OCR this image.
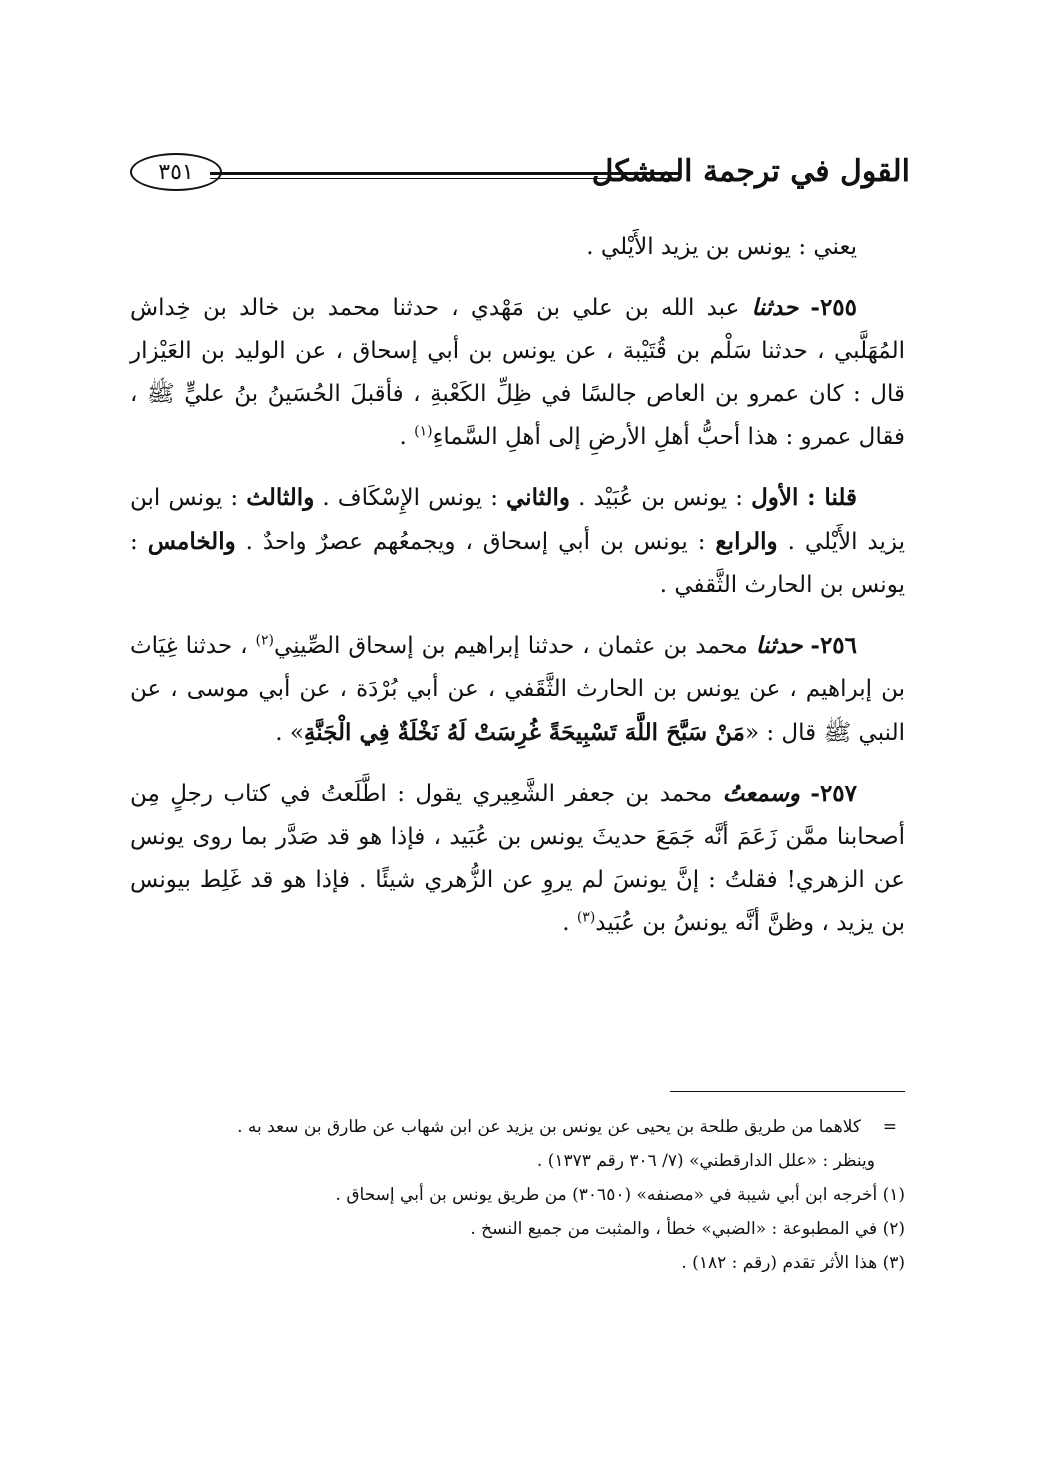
القول في ترجمة المشكل
٣٥١

يعني : يونس بن يزيد الأَيْلي .

٢٥٥- حدثنا عبد الله بن علي بن مَهْدي ، حدثنا محمد بن خالد بن خِداش المُهَلَّبي ، حدثنا سَلْم بن قُتَيْبة ، عن يونس بن أبي إسحاق ، عن الوليد بن العَيْزار قال : كان عمرو بن العاص جالسًا في ظِلِّ الكَعْبةِ ، فأقبلَ الحُسَينُ بنُ عليٍّ ﷺ ، فقال عمرو : هذا أحبُّ أهلِ الأرضِ إلى أهلِ السَّماءِ$^{(١)}$ .

قلنا : الأول : يونس بن عُبَيْد . والثاني : يونس الإِسْكَاف . والثالث : يونس ابن يزيد الأَيْلي . والرابع : يونس بن أبي إسحاق ، ويجمعُهم عصرٌ واحدٌ . والخامس : يونس بن الحارث الثَّقفي .

٢٥٦- حدثنا محمد بن عثمان ، حدثنا إبراهيم بن إسحاق الصِّينِي$^{(٢)}$ ، حدثنا غِيَاث بن إبراهيم ، عن يونس بن الحارث الثَّقَفي ، عن أبي بُرْدَة ، عن أبي موسى ، عن النبي ﷺ قال : «مَنْ سَبَّحَ اللَّهَ تَسْبِيحَةً غُرِسَتْ لَهُ نَخْلَةٌ فِي الْجَنَّةِ» .

٢٥٧- وسمعتُ محمد بن جعفر الشَّعِيري يقول : اطَّلَعتُ في كتاب رجلٍ مِن أصحابنا ممَّن زَعَمَ أنَّه جَمَعَ حديثَ يونس بن عُبَيد ، فإذا هو قد صَدَّر بما روى يونس عن الزهري! فقلتُ : إنَّ يونسَ لم يروِ عن الزُّهري شيئًا . فإذا هو قد غَلِط بيونس بن يزيد ، وظنَّ أنَّه يونسُ بن عُبَيد$^{(٣)}$ .

=
كلاهما من طريق طلحة بن يحيى عن يونس بن يزيد عن ابن شهاب عن طارق بن سعد به .

وينظر : «علل الدارقطني» (٧/ ٣٠٦ رقم ١٣٧٣) .

(١) أخرجه ابن أبي شيبة في «مصنفه» (٣٠٦٥٠) من طريق يونس بن أبي إسحاق .

(٢) في المطبوعة : «الضبي» خطأ ، والمثبت من جميع النسخ .

(٣) هذا الأثر تقدم (رقم : ١٨٢) .
